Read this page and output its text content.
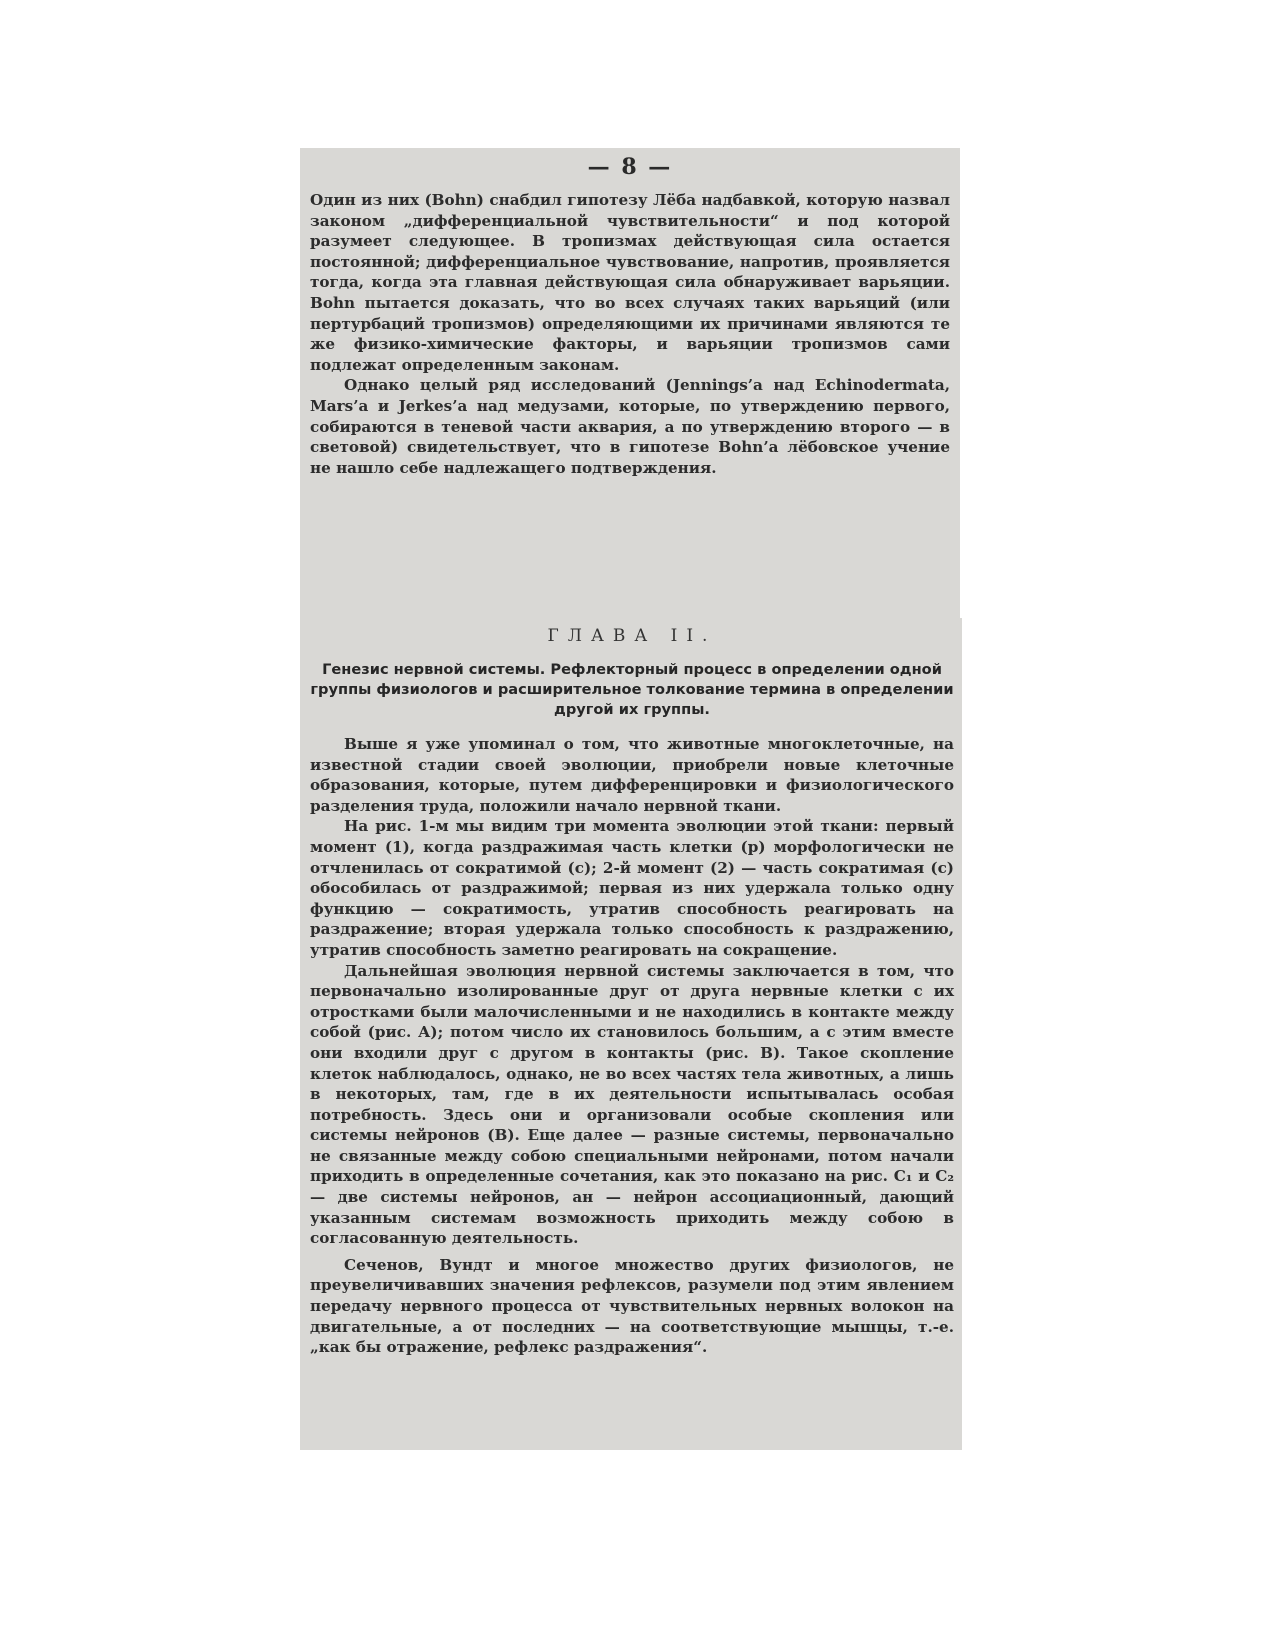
— 8 —

Один из них (Bohn) снабдил гипотезу Лёба надбавкой, которую назвал законом „дифференциальной чувствительности“ и под которой разумеет следующее. В тропизмах действующая сила остается постоянной; дифференциальное чувствование, напротив, проявляется тогда, когда эта главная действующая сила обнаруживает варьяции. Bohn пытается доказать, что во всех случаях таких варьяций (или пертурбаций тропизмов) определяющими их причинами являются те же физико-химические факторы, и варьяции тропизмов сами подлежат определенным законам.

Однако целый ряд исследований (Jennings’a над Echinodermata, Mars’a и Jerkes’a над медузами, которые, по утверждению первого, собираются в теневой части аквария, а по утверждению второго — в световой) свидетельствует, что в гипотезе Bohn’a лёбовское учение не нашло себе надлежащего подтверждения.

ГЛАВА II.
Генезис нервной системы. Рефлекторный процесс в определении одной группы физиологов и расширительное толкование термина в определении другой их группы.

Выше я уже упоминал о том, что животные многоклеточные, на известной стадии своей эволюции, приобрели новые клеточные образования, которые, путем дифференцировки и физиологического разделения труда, положили начало нервной ткани.

На рис. 1-м мы видим три момента эволюции этой ткани: первый момент (1), когда раздражимая часть клетки (р) морфологически не отчленилась от сократимой (с); 2-й момент (2) — часть сократимая (с) обособилась от раздражимой; первая из них удержала только одну функцию — сократимость, утратив способность реагировать на раздражение; вторая удержала только способность к раздражению, утратив способность заметно реагировать на сокращение.

Дальнейшая эволюция нервной системы заключается в том, что первоначально изолированные друг от друга нервные клетки с их отростками были малочисленными и не находились в контакте между собой (рис. А); потом число их становилось большим, а с этим вместе они входили друг с другом в контакты (рис. В). Такое скопление клеток наблюдалось, однако, не во всех частях тела животных, а лишь в некоторых, там, где в их деятельности испытывалась особая потребность. Здесь они и организовали особые скопления или системы нейронов (В). Еще далее — разные системы, первоначально не связанные между собою специальными нейронами, потом начали приходить в определенные сочетания, как это показано на рис. C₁ и C₂ — две системы нейронов, ан — нейрон ассоциационный, дающий указанным системам возможность приходить между собою в согласованную деятельность.

Сеченов, Вундт и многое множество других физиологов, не преувеличивавших значения рефлексов, разумели под этим явлением передачу нервного процесса от чувствительных нервных волокон на двигательные, а от последних — на соответствующие мышцы, т.-е. „как бы отражение, рефлекс раздражения“.
